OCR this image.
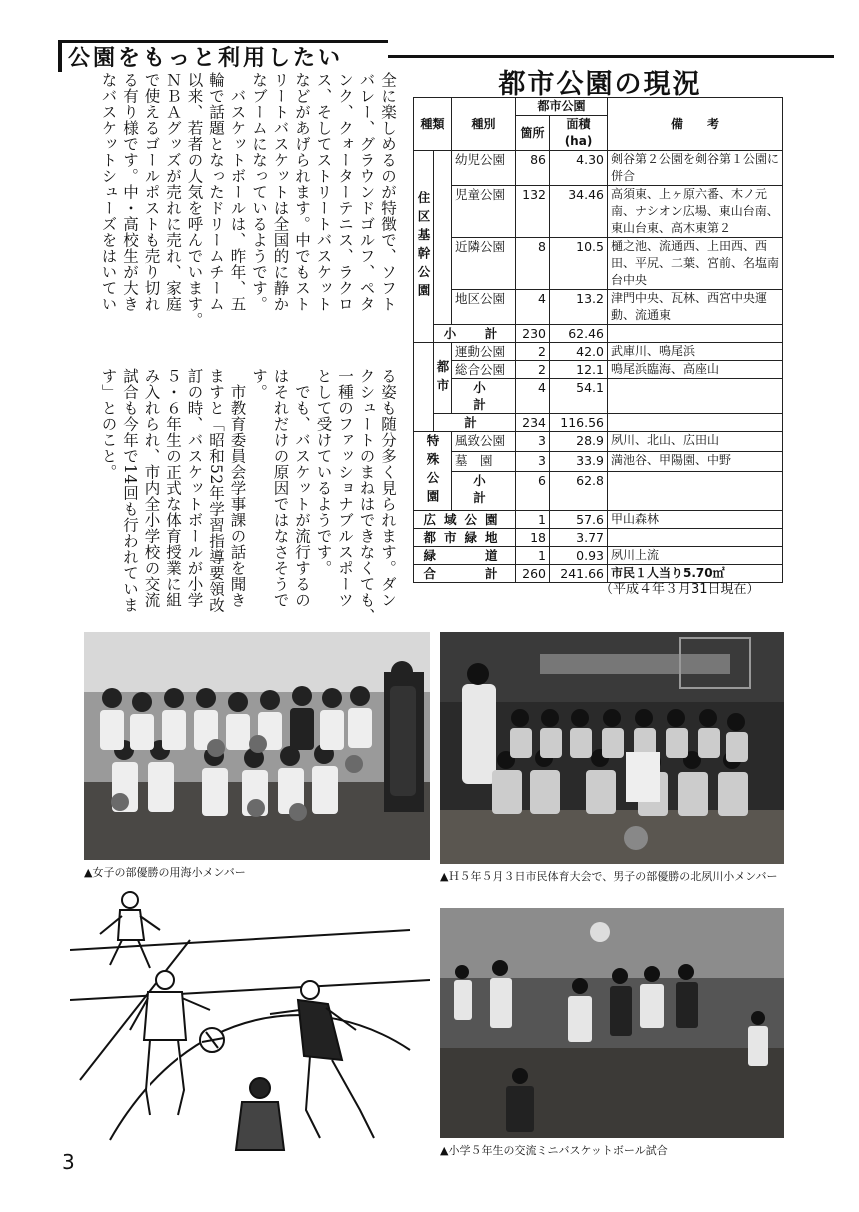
公園をもっと利用したい

全に楽しめるのが特徴で、ソフト

バレー、グラウンドゴルフ、ペタ

ンク、クォーターテニス、ラクロ

ス、そしてストリートバスケット

などがあげられます。中でもスト

リートバスケットは全国的に静か

なブームになっているようです。

　バスケットボールは、昨年、五

輪で話題となったドリームチーム

以来、若者の人気を呼んでいます。

ＮＢＡグッズが売れに売れ、家庭

で使えるゴールポストも売り切れ

る有り様です。中・高校生が大き

なバスケットシューズをはいてい

る姿も随分多く見られます。ダン

クシュートのまねはできなくても、

一種のファッショナブルスポーツ

として受けているようです。

　でも、バスケットが流行するの

はそれだけの原因ではなさそうで

す。

　市教育委員会学事課の話を聞き

ますと「昭和52年学習指導要領改

訂の時、バスケットボールが小学

５・６年生の正式な体育授業に組

み入れられ、市内全小学校の交流

試合も今年で14回も行われていま

す」とのこと。

都市公園の現況
種類		種別	都市公園		備　　考
			箇所	面積(ha)	
住区基幹公園		幼児公園	86	4.30	剣谷第２公園を剣谷第１公園に併合
		児童公園	132	34.46	高須東、上ヶ原六番、木ノ元南、ナシオン広場、東山台南、東山台東、高木東第２
		近隣公園	8	10.5	樋之池、流通西、上田西、西田、平尻、二葉、宮前、名塩南台中央
		地区公園	4	13.2	津門中央、瓦林、西宮中央運動、流通東
	小　計		230	62.46	
	都市	運動公園	2	42.0	武庫川、鳴尾浜
		総合公園	2	12.1	鳴尾浜臨海、高座山
		小　計	4	54.1	
	計		234	116.56	
特殊公園		風致公園	3	28.9	夙川、北山、広田山
		墓　園	3	33.9	満池谷、甲陽園、中野
		小　計	6	62.8	
広域公園			1	57.6	甲山森林
都市緑地			18	3.77	
緑　　道			1	0.93	夙川上流
合　　計			260	241.66	市民１人当り5.70㎡
（平成４年３月31日現在）
▲女子の部優勝の用海小メンバー	▲Ｈ５年５月３日市民体育大会で、男子の部優勝の北夙川小メンバー
▲小学５年生の交流ミニバスケットボール試合
3
